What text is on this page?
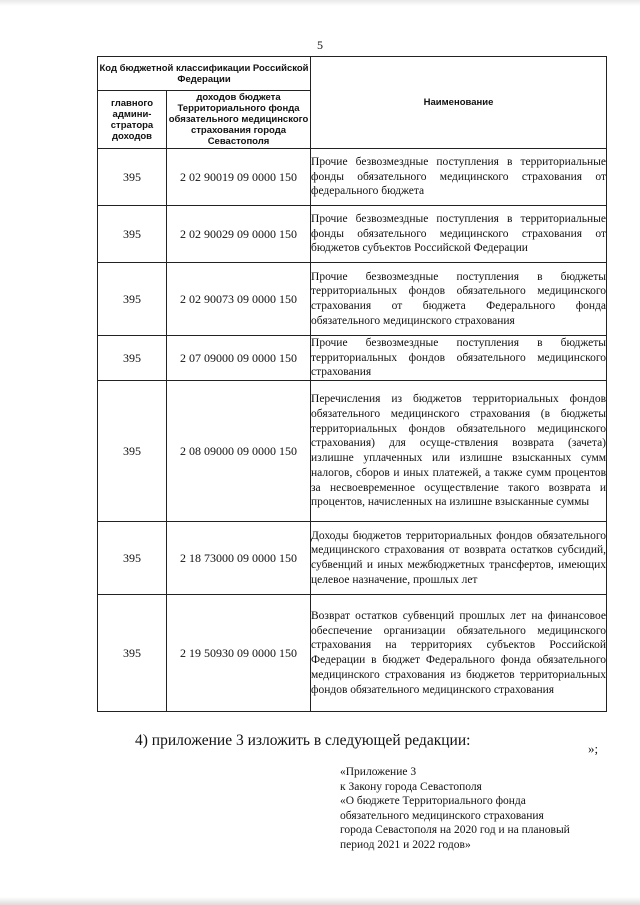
5
Код бюджетной классификации Российской Федерации		Наименование
главного админи-стратора доходов	доходов бюджета Территориального фонда обязательного медицинского страхования города Севастополя	
395	2 02 90019 09 0000 150	Прочие безвозмездные поступления в территориальные фонды обязательного медицинского страхования от федерального бюджета
395	2 02 90029 09 0000 150	Прочие безвозмездные поступления в территориальные фонды обязательного медицинского страхования от бюджетов субъектов Российской Федерации
395	2 02 90073 09 0000 150	Прочие безвозмездные поступления в бюджеты территориальных фондов обязательного медицинского страхования от бюджета Федерального фонда обязательного медицинского страхования
395	2 07 09000 09 0000 150	Прочие безвозмездные поступления в бюджеты территориальных фондов обязательного медицинского страхования
395	2 08 09000 09 0000 150	Перечисления из бюджетов территориальных фондов обязательного медицинского страхования (в бюджеты территориальных фондов обязательного медицинского страхования) для осуще-ствления возврата (зачета) излишне уплаченных или излишне взысканных сумм налогов, сборов и иных платежей, а также сумм процентов за несвоевременное осуществление такого возврата и процентов, начисленных на излишне взысканные суммы
395	2 18 73000 09 0000 150	Доходы бюджетов территориальных фондов обязательного медицинского страхования от возврата остатков субсидий, субвенций и иных межбюджетных трансфертов, имеющих целевое назначение, прошлых лет
395	2 19 50930 09 0000 150	Возврат остатков субвенций прошлых лет на финансовое обеспечение организации обязательного медицинского страхования на территориях субъектов Российской Федерации в бюджет Федерального фонда обязательного медицинского страхования из бюджетов территориальных фондов обязательного медицинского страхования
»;
4) приложение 3 изложить в следующей редакции:
«Приложение 3
к Закону города Севастополя
«О бюджете Территориального фонда
обязательного медицинского страхования
города Севастополя на 2020 год и на плановый
период 2021 и 2022 годов»
